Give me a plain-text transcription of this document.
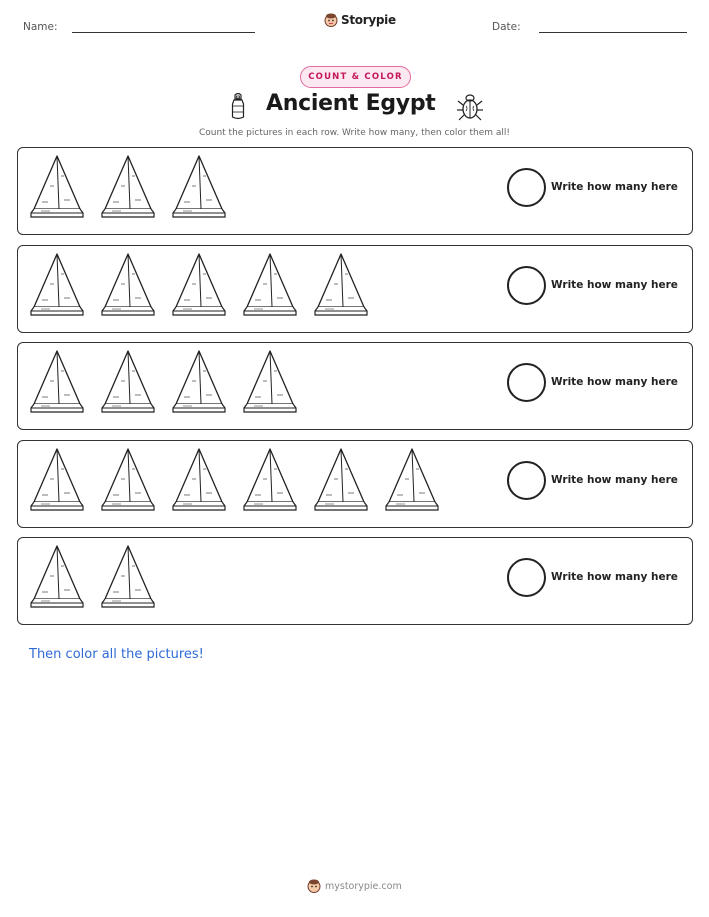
Name:	Storypie	Date:
COUNT & COLOR
Ancient Egypt
Count the pictures in each row. Write how many, then color them all!
Write how many here
Write how many here
Write how many here
Write how many here
Write how many here
Then color all the pictures!
mystorypie.com
